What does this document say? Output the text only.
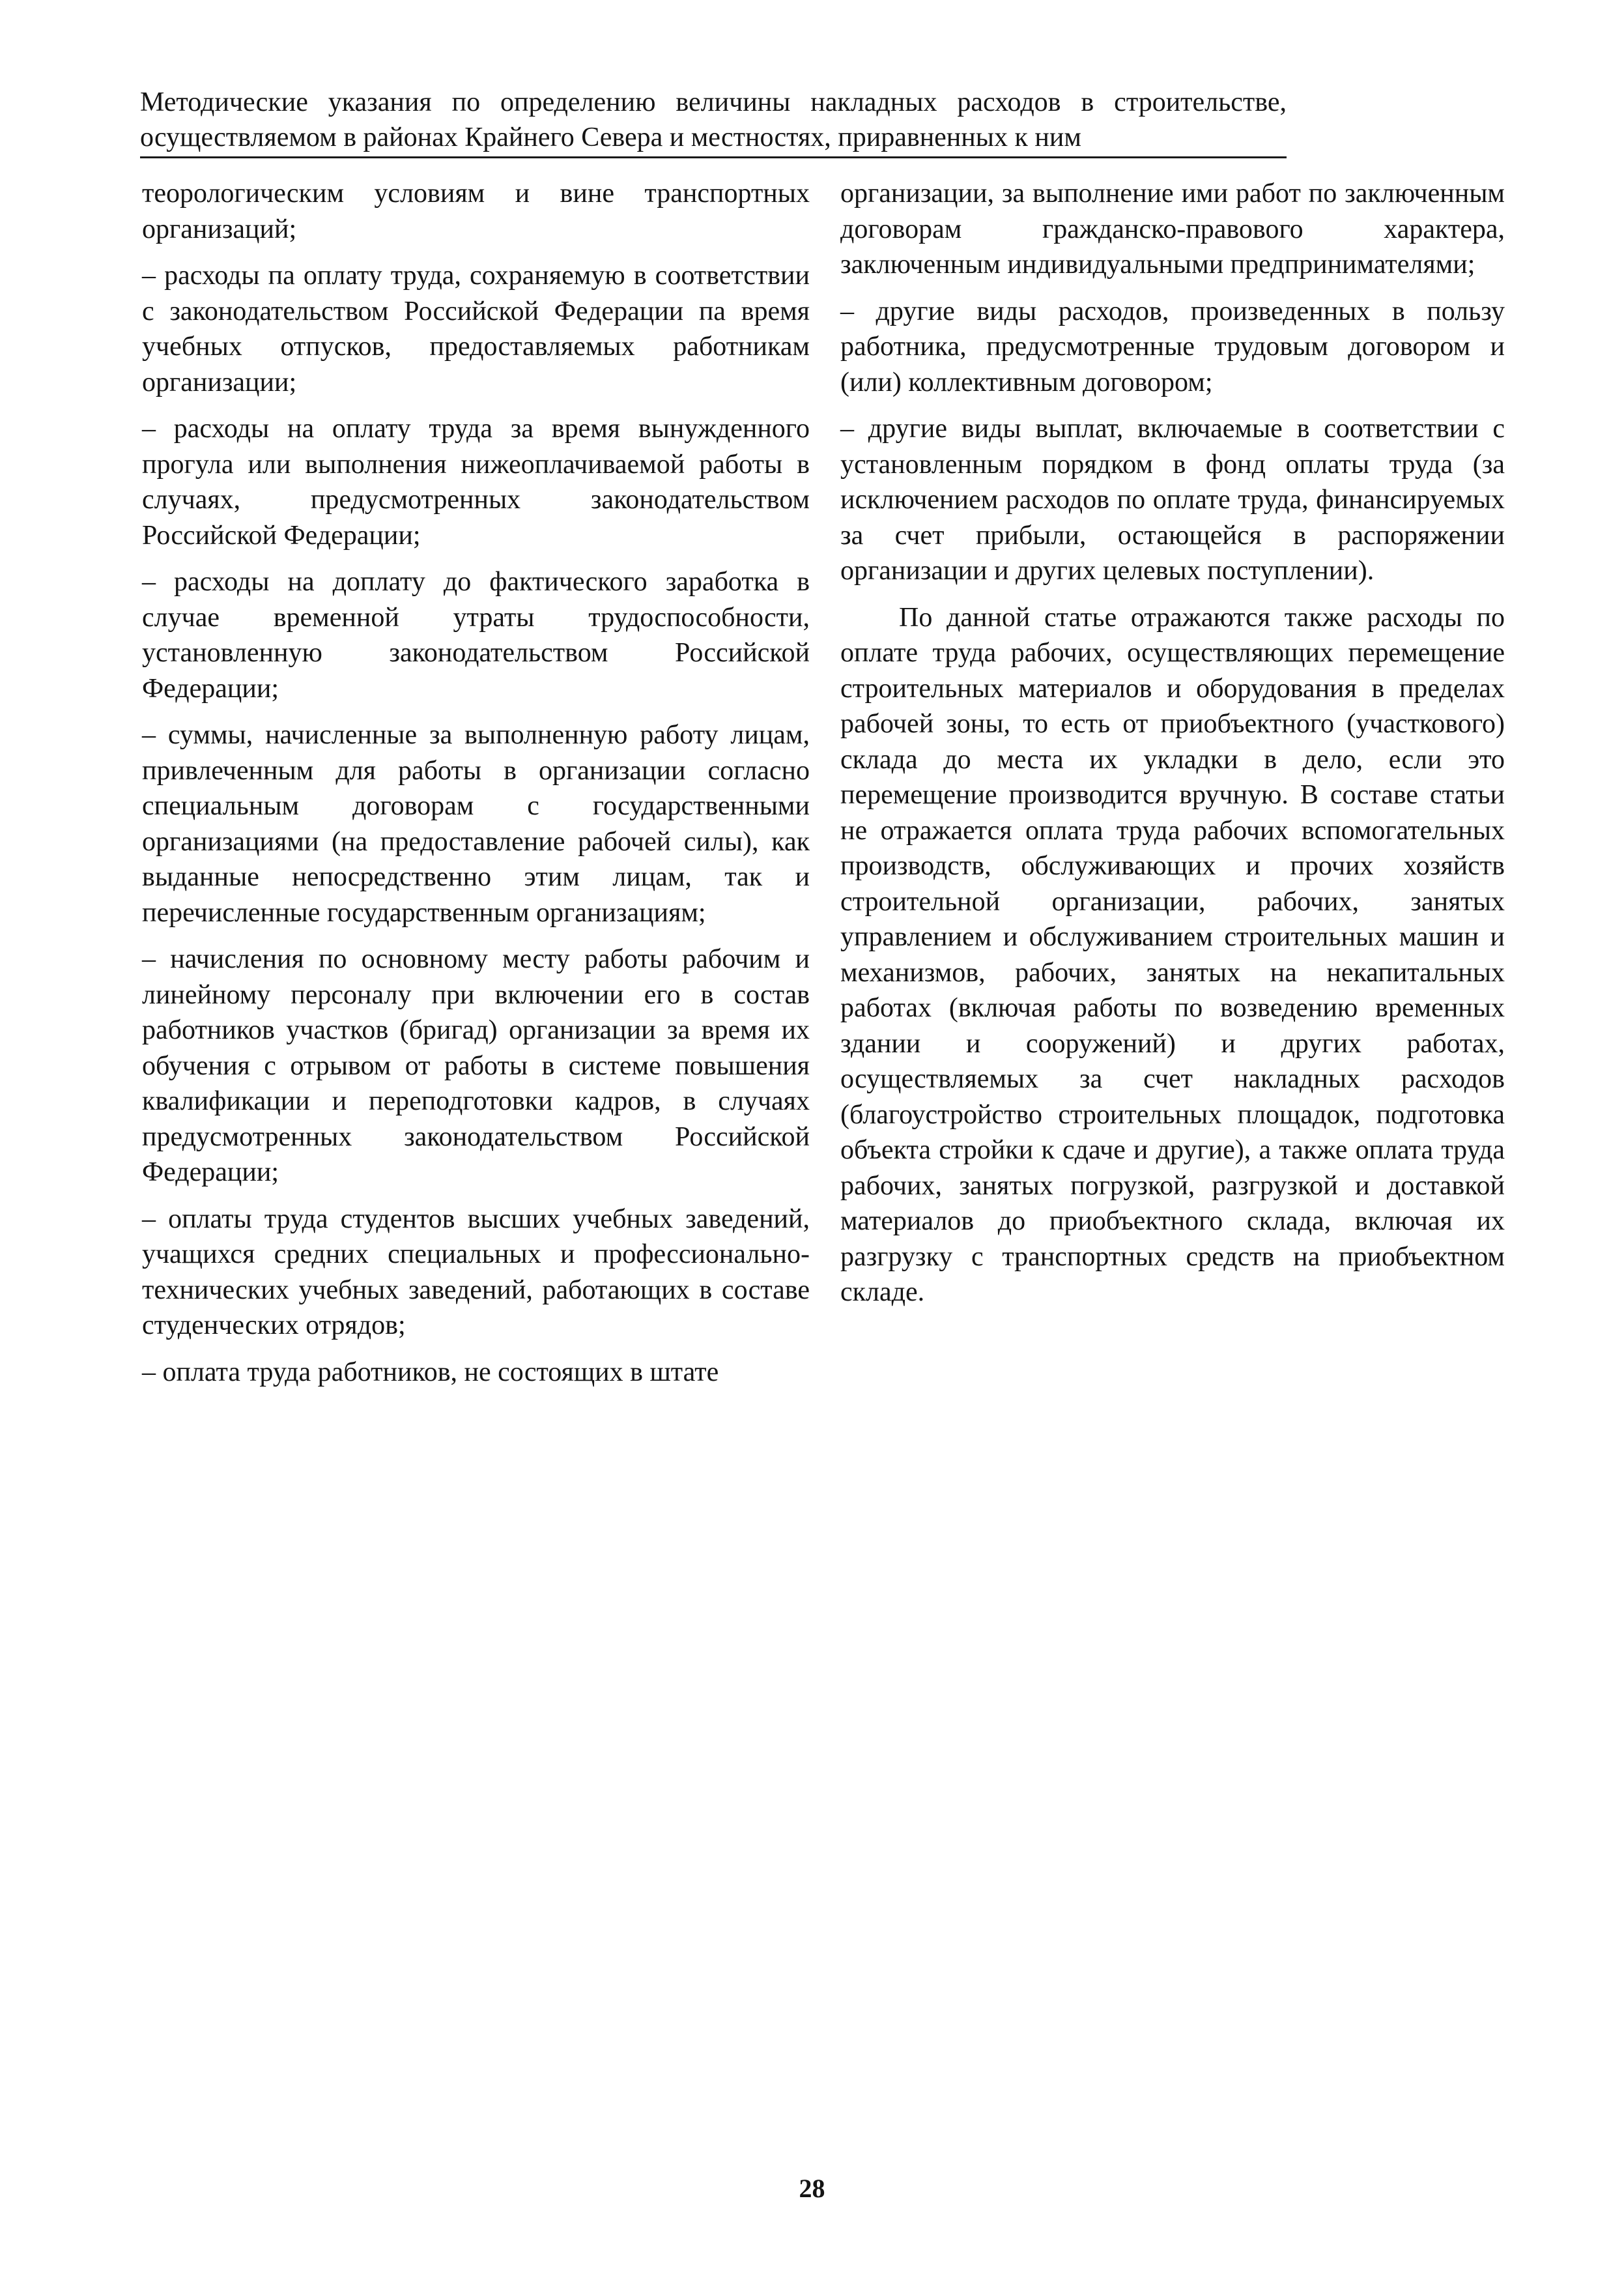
Методические указания по определению величины накладных расходов в строительстве,
осуществляемом в районах Крайнего Севера и местностях, приравненных к ним

теорологическим условиям и вине транспортных организаций;

– расходы па оплату труда, сохраняемую в соответствии с законодательством Российской Федерации па время учебных отпусков, предоставляемых работникам организации;

– расходы на оплату труда за время вынужденного прогула или выполнения нижеоплачиваемой работы в случаях, предусмотренных законодательством Российской Федерации;

– расходы на доплату до фактического заработка в случае временной утраты трудоспособности, установленную законодательством Российской Федерации;

– суммы, начисленные за выполненную работу лицам, привлеченным для работы в организации согласно специальным договорам с государственными организациями (на предоставление рабочей силы), как выданные непосредственно этим лицам, так и перечисленные государственным организациям;

– начисления по основному месту работы рабочим и линейному персоналу при включении его в состав работников участков (бригад) организации за время их обучения с отрывом от работы в системе повышения квалификации и переподготовки кадров, в случаях предусмотренных законодательством Российской Федерации;

– оплаты труда студентов высших учебных заведений, учащихся средних специальных и профессионально-технических учебных заведений, работающих в составе студенческих отрядов;

– оплата труда работников, не состоящих в штате

организации, за выполнение ими работ по заключенным договорам гражданско-правового характера, заключенным индивидуальными предпринимателями;

– другие виды расходов, произведенных в пользу работника, предусмотренные трудовым договором и (или) коллективным договором;

– другие виды выплат, включаемые в соответствии с установленным порядком в фонд оплаты труда (за исключением расходов по оплате труда, финансируемых за счет прибыли, остающейся в распоряжении организации и других целевых поступлении).

По данной статье отражаются также расходы по оплате труда рабочих, осуществляющих перемещение строительных материалов и оборудования в пределах рабочей зоны, то есть от приобъектного (участкового) склада до места их укладки в дело, если это перемещение производится вручную. В составе статьи не отражается оплата труда рабочих вспомогательных производств, обслуживающих и прочих хозяйств строительной организации, рабочих, занятых управлением и обслуживанием строительных машин и механизмов, рабочих, занятых на некапитальных работах (включая работы по возведению временных здании и сооружений) и других работах, осуществляемых за счет накладных расходов (благоустройство строительных площадок, подготовка объекта стройки к сдаче и другие), а также оплата труда рабочих, занятых погрузкой, разгрузкой и доставкой материалов до приобъектного склада, включая их разгрузку с транспортных средств на приобъектном складе.

28
